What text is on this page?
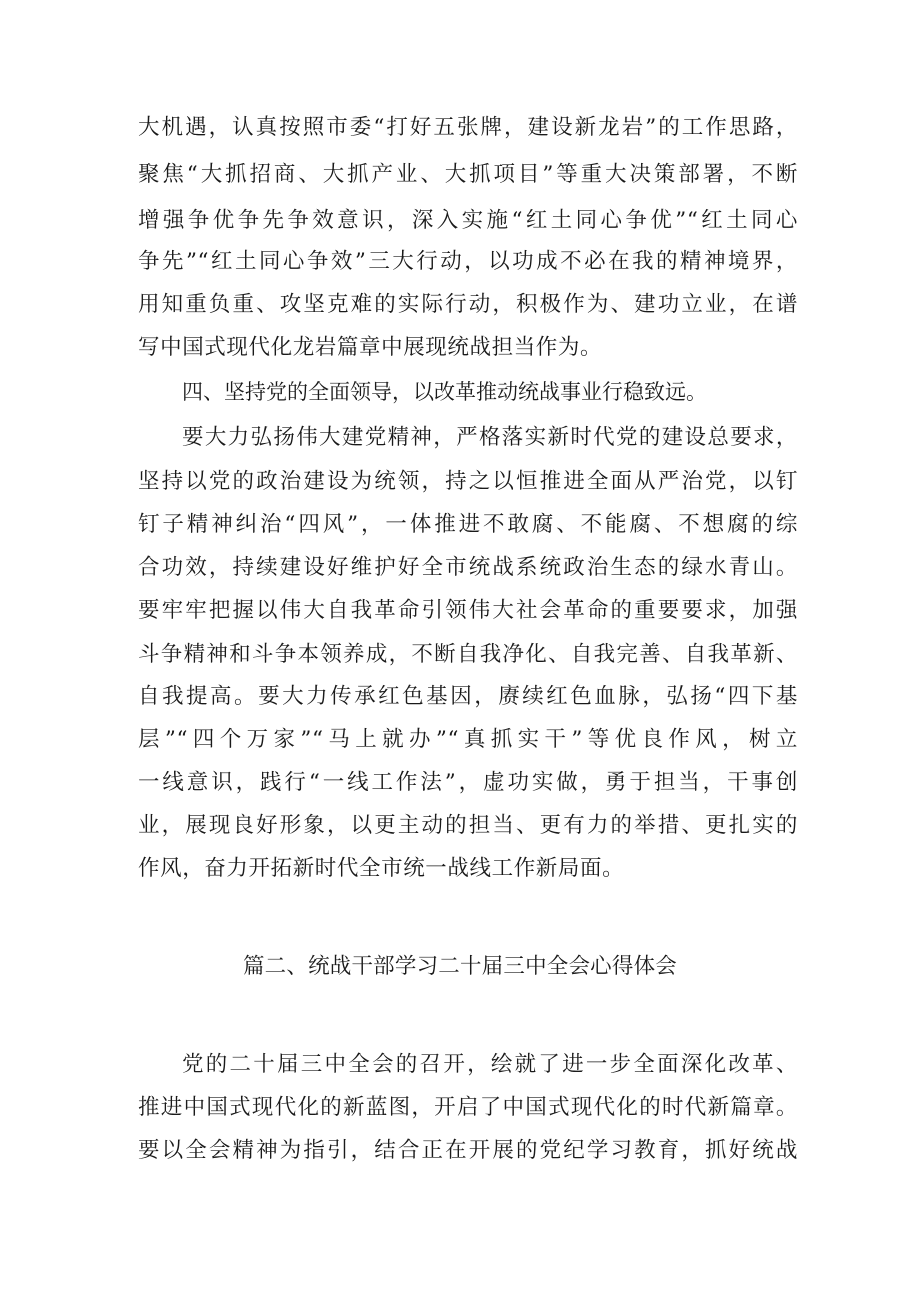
大机遇，认真按照市委“打好五张牌，建设新龙岩”的工作思路，
聚焦“大抓招商、大抓产业、大抓项目”等重大决策部署，不断
增强争优争先争效意识，深入实施“红土同心争优”“红土同心
争先”“红土同心争效”三大行动，以功成不必在我的精神境界，
用知重负重、攻坚克难的实际行动，积极作为、建功立业，在谱
写中国式现代化龙岩篇章中展现统战担当作为。
四、坚持党的全面领导，以改革推动统战事业行稳致远。
要大力弘扬伟大建党精神，严格落实新时代党的建设总要求，
坚持以党的政治建设为统领，持之以恒推进全面从严治党，以钉
钉子精神纠治“四风”，一体推进不敢腐、不能腐、不想腐的综
合功效，持续建设好维护好全市统战系统政治生态的绿水青山。
要牢牢把握以伟大自我革命引领伟大社会革命的重要要求，加强
斗争精神和斗争本领养成，不断自我净化、自我完善、自我革新、
自我提高。要大力传承红色基因，赓续红色血脉，弘扬“四下基
层”“四个万家”“马上就办”“真抓实干”等优良作风，树立
一线意识，践行“一线工作法”，虚功实做，勇于担当，干事创
业，展现良好形象，以更主动的担当、更有力的举措、更扎实的
作风，奋力开拓新时代全市统一战线工作新局面。
篇二、统战干部学习二十届三中全会心得体会
党的二十届三中全会的召开，绘就了进一步全面深化改革、
推进中国式现代化的新蓝图，开启了中国式现代化的时代新篇章。
要以全会精神为指引，结合正在开展的党纪学习教育，抓好统战
